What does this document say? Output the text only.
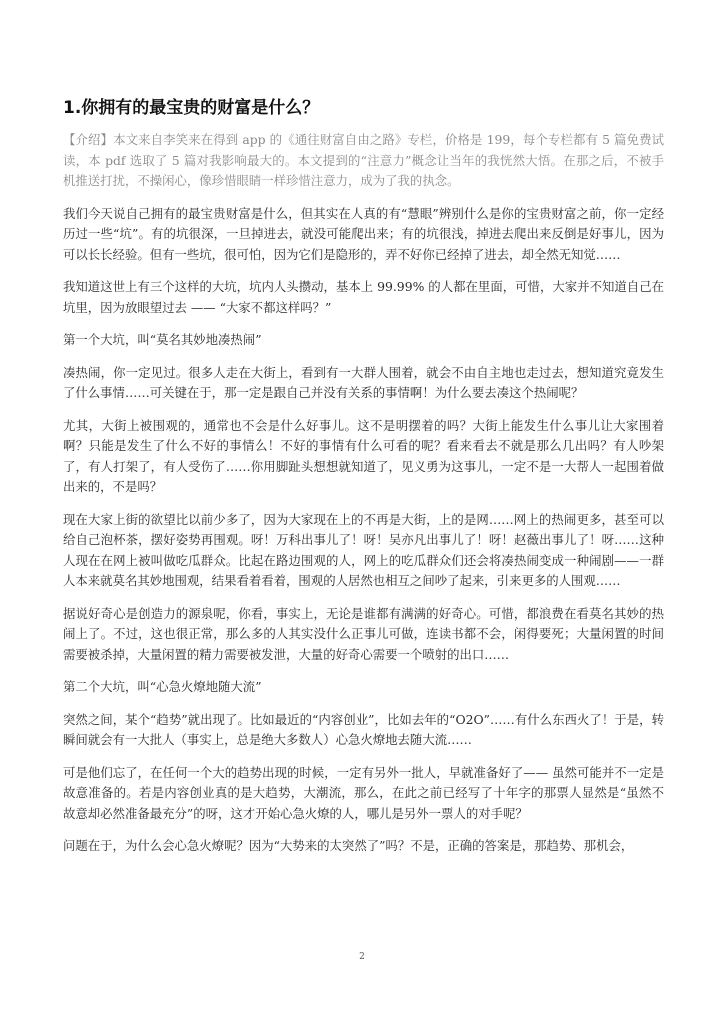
1.你拥有的最宝贵的财富是什么？

【介绍】本文来自李笑来在得到 app 的《通往财富自由之路》专栏，价格是 199，每个专栏都有 5 篇免费试读，本 pdf 选取了 5 篇对我影响最大的。本文提到的“注意力”概念让当年的我恍然大悟。在那之后，不被手机推送打扰，不操闲心，像珍惜眼睛一样珍惜注意力，成为了我的执念。

我们今天说自己拥有的最宝贵财富是什么，但其实在人真的有“慧眼”辨别什么是你的宝贵财富之前，你一定经历过一些“坑”。有的坑很深，一旦掉进去，就没可能爬出来；有的坑很浅，掉进去爬出来反倒是好事儿，因为可以长长经验。但有一些坑，很可怕，因为它们是隐形的，弄不好你已经掉了进去，却全然无知觉……

我知道这世上有三个这样的大坑，坑内人头攒动，基本上 99.99% 的人都在里面，可惜，大家并不知道自己在坑里，因为放眼望过去 —— “大家不都这样吗？”

第一个大坑，叫“莫名其妙地凑热闹”

凑热闹，你一定见过。很多人走在大街上，看到有一大群人围着，就会不由自主地也走过去，想知道究竟发生了什么事情……可关键在于，那一定是跟自己并没有关系的事情啊！为什么要去凑这个热闹呢？

尤其，大街上被围观的，通常也不会是什么好事儿。这不是明摆着的吗？大街上能发生什么事儿让大家围着啊？只能是发生了什么不好的事情么！不好的事情有什么可看的呢？看来看去不就是那么几出吗？有人吵架了，有人打架了，有人受伤了……你用脚趾头想想就知道了，见义勇为这事儿，一定不是一大帮人一起围着做出来的，不是吗？

现在大家上街的欲望比以前少多了，因为大家现在上的不再是大街，上的是网……网上的热闹更多，甚至可以给自己泡杯茶，摆好姿势再围观。呀！万科出事儿了！呀！吴亦凡出事儿了！呀！赵薇出事儿了！呀……这种人现在在网上被叫做吃瓜群众。比起在路边围观的人，网上的吃瓜群众们还会将凑热闹变成一种闹剧——一群人本来就莫名其妙地围观，结果看着看着，围观的人居然也相互之间吵了起来，引来更多的人围观……

据说好奇心是创造力的源泉呢，你看，事实上，无论是谁都有满满的好奇心。可惜，都浪费在看莫名其妙的热闹上了。不过，这也很正常，那么多的人其实没什么正事儿可做，连读书都不会，闲得要死；大量闲置的时间需要被杀掉，大量闲置的精力需要被发泄，大量的好奇心需要一个喷射的出口……

第二个大坑，叫“心急火燎地随大流”

突然之间，某个“趋势”就出现了。比如最近的“内容创业”，比如去年的“O2O”……有什么东西火了！于是，转瞬间就会有一大批人（事实上，总是绝大多数人）心急火燎地去随大流……

可是他们忘了，在任何一个大的趋势出现的时候，一定有另外一批人，早就准备好了—— 虽然可能并不一定是故意准备的。若是内容创业真的是大趋势，大潮流，那么，在此之前已经写了十年字的那票人显然是“虽然不故意却必然准备最充分”的呀，这才开始心急火燎的人，哪儿是另外一票人的对手呢？

问题在于，为什么会心急火燎呢？因为“大势来的太突然了”吗？不是，正确的答案是，那趋势、那机会，

2
